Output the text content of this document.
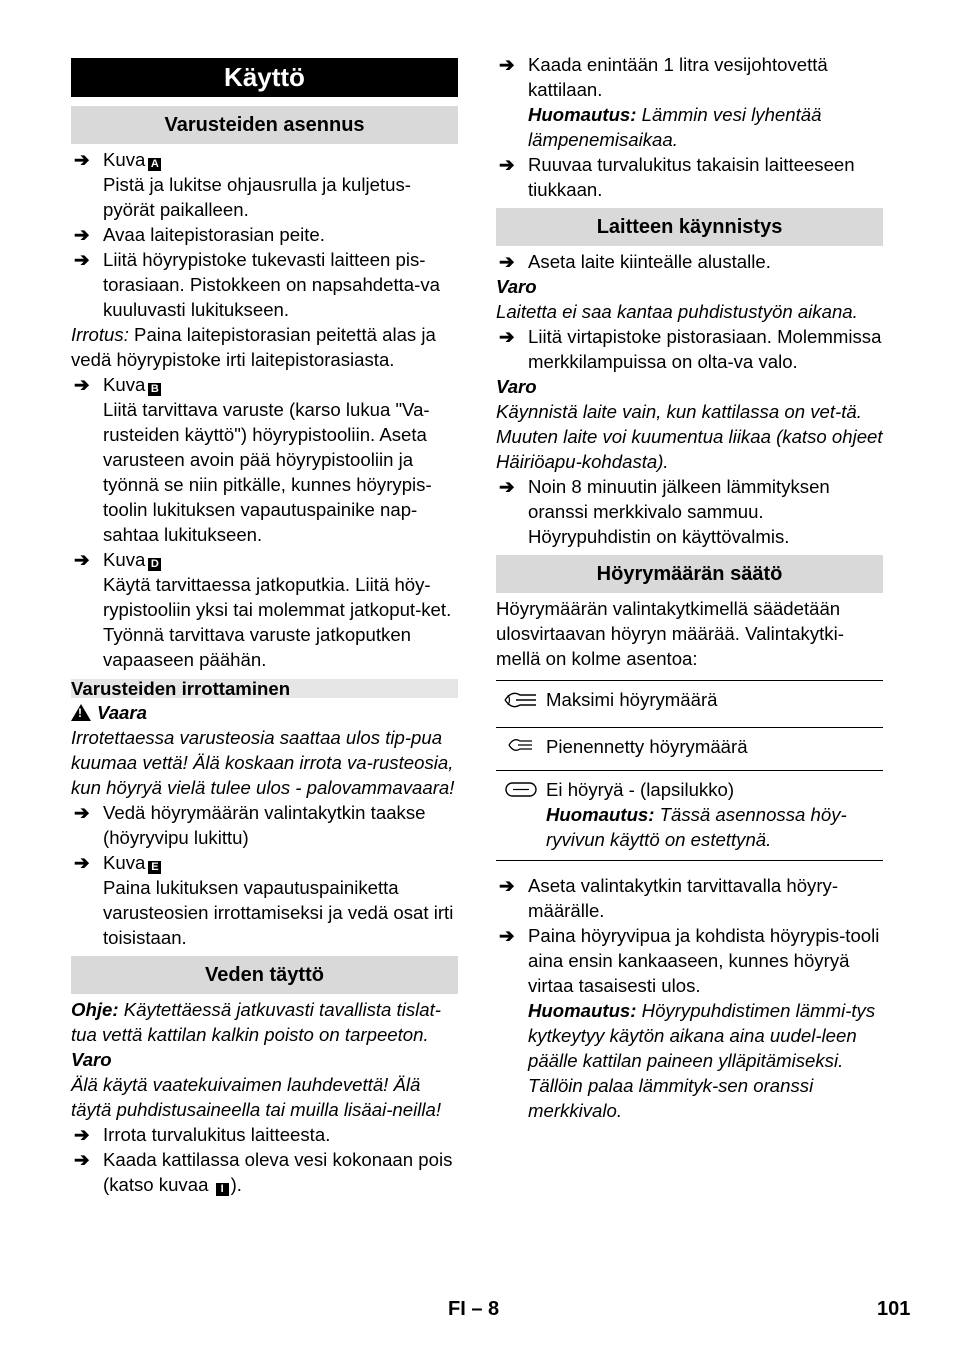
Käyttö
Varusteiden asennus
➔ Kuva A
Pistä ja lukitse ohjausrulla ja kuljetus-pyörät paikalleen.
➔ Avaa laitepistorasian peite.
➔ Liitä höyrypistoke tukevasti laitteen pis-torasiaan. Pistokkeen on napsahdetta-va kuuluvasti lukitukseen.

Irrotus: Paina laitepistorasian peitettä alas ja vedä höyrypistoke irti laitepistorasiasta.

➔ Kuva B
Liitä tarvittava varuste (karso lukua "Va-rusteiden käyttö") höyrypistooliin. Aseta varusteen avoin pää höyrypistooliin ja työnnä se niin pitkälle, kunnes höyrypis-toolin lukituksen vapautuspainike nap-sahtaa lukitukseen.
➔ Kuva D
Käytä tarvittaessa jatkoputkia. Liitä höy-rypistooliin yksi tai molemmat jatkoput-ket. Työnnä tarvittava varuste jatkoputken vapaaseen päähän.
Varusteiden irrottaminen
!
Vaara

Irrotettaessa varusteosia saattaa ulos tip-pua kuumaa vettä! Älä koskaan irrota va-rusteosia, kun höyryä vielä tulee ulos - palovammavaara!

➔ Vedä höyrymäärän valintakytkin taakse (höyryvipu lukittu)
➔ Kuva E
Paina lukituksen vapautuspainiketta varusteosien irrottamiseksi ja vedä osat irti toisistaan.
Veden täyttö

Ohje: Käytettäessä jatkuvasti tavallista tislat-tua vettä kattilan kalkin poisto on tarpeeton.

Varo

Älä käytä vaatekuivaimen lauhdevettä! Älä täytä puhdistusaineella tai muilla lisäai-neilla!

➔ Irrota turvalukitus laitteesta.
➔ Kaada kattilassa oleva vesi kokonaan pois (katso kuvaa I ).
➔ Kaada enintään 1 litra vesijohtovettä kattilaan.
Huomautus: Lämmin vesi lyhentää lämpenemisaikaa.
➔ Ruuvaa turvalukitus takaisin laitteeseen tiukkaan.
Laitteen käynnistys
➔ Aseta laite kiinteälle alustalle.

Varo

Laitetta ei saa kantaa puhdistustyön aikana.

➔ Liitä virtapistoke pistorasiaan. Molemmissa merkkilampuissa on olta-va valo.

Varo

Käynnistä laite vain, kun kattilassa on vet-tä. Muuten laite voi kuumentua liikaa (katso ohjeet Häiriöapu-kohdasta).

➔ Noin 8 minuutin jälkeen lämmityksen oranssi merkkivalo sammuu. Höyrypuhdistin on käyttövalmis.
Höyrymäärän säätö

Höyrymäärän valintakytkimellä säädetään ulosvirtaavan höyryn määrää. Valintakytki-mellä on kolme asentoa:

	Maksimi höyrymäärä
	Pienennetty höyrymäärä
	Ei höyryä - (lapsilukko)
Huomautus: Tässä asennossa höy-ryvivun käyttö on estettynä.
➔ Aseta valintakytkin tarvittavalla höyry-määrälle.
➔ Paina höyryvipua ja kohdista höyrypis-tooli aina ensin kankaaseen, kunnes höyryä virtaa tasaisesti ulos.
Huomautus: Höyrypuhdistimen lämmi-tys kytkeytyy käytön aikana aina uudel-leen päälle kattilan paineen ylläpitämiseksi. Tällöin palaa lämmityk-sen oranssi merkkivalo.
FI – 8	101
